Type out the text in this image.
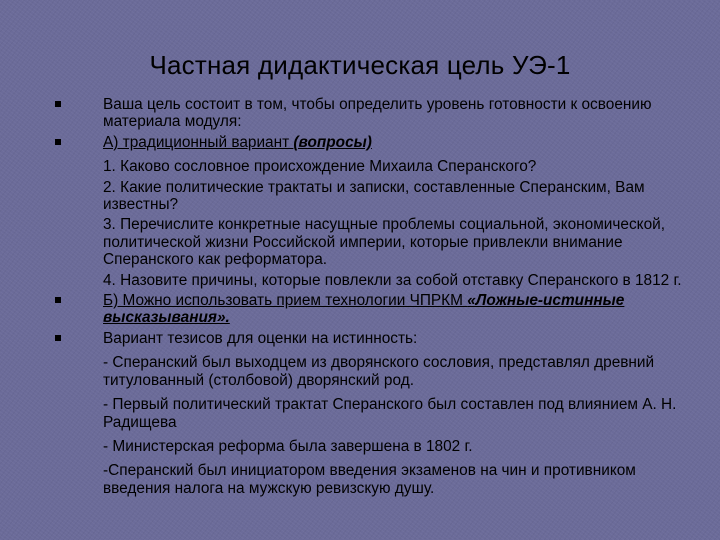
Частная дидактическая цель УЭ-1
Ваша цель состоит в том, чтобы определить уровень готовности к освоению материала модуля:
А) традиционный вариант (вопросы)
1. Каково сословное происхождение Михаила Сперанского?
2. Какие политические трактаты и записки, составленные Сперанским, Вам известны?
3. Перечислите конкретные насущные проблемы социальной, экономической, политической жизни Российской империи, которые привлекли внимание Сперанского как реформатора.
4. Назовите причины, которые повлекли за собой отставку Сперанского в 1812 г.
Б) Можно использовать прием технологии ЧПРКМ «Ложные-истинные высказывания».
Вариант тезисов для оценки на истинность:
- Сперанский был выходцем из дворянского сословия, представлял древний титулованный (столбовой) дворянский род.
- Первый политический трактат Сперанского был составлен под влиянием А. Н. Радищева
- Министерская реформа была завершена в 1802 г.
-Сперанский был инициатором введения экзаменов на чин и противником введения налога на мужскую ревизскую душу.
